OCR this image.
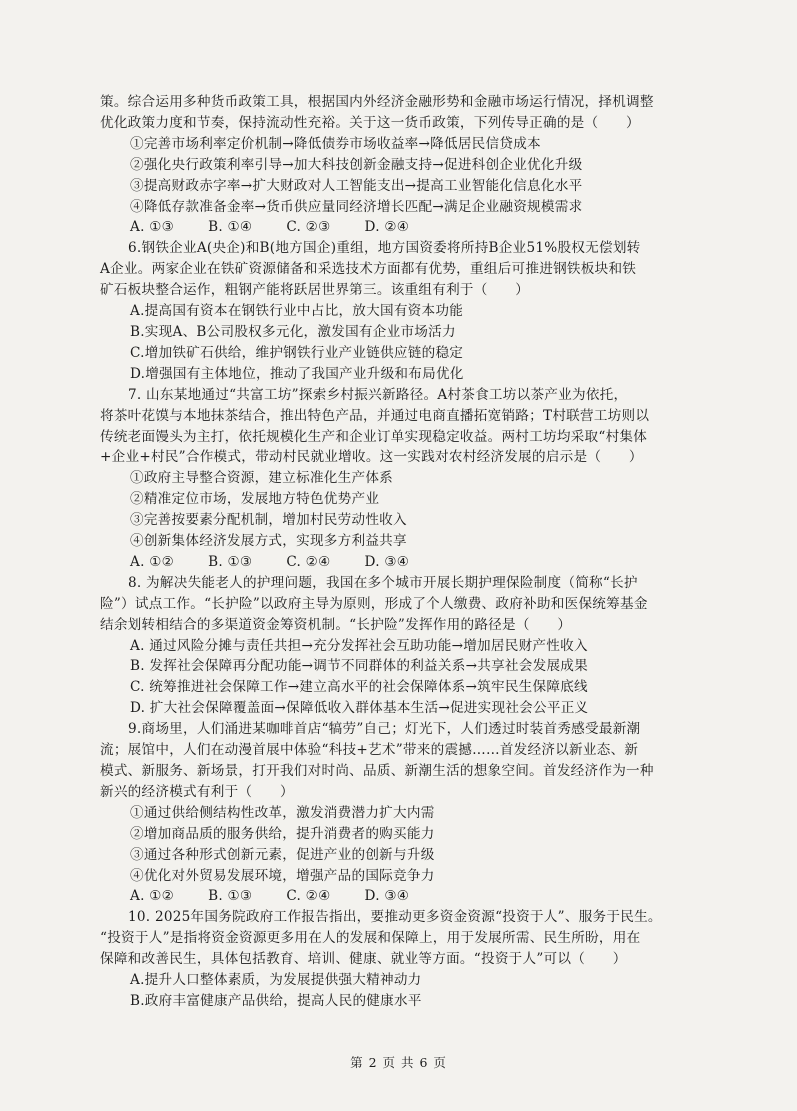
策。综合运用多种货币政策工具，根据国内外经济金融形势和金融市场运行情况，择机调整
优化政策力度和节奏，保持流动性充裕。关于这一货币政策，下列传导正确的是（　　）
①完善市场利率定价机制→降低债券市场收益率→降低居民信贷成本
②强化央行政策利率引导→加大科技创新金融支持→促进科创企业优化升级
③提高财政赤字率→扩大财政对人工智能支出→提高工业智能化信息化水平
④降低存款准备金率→货币供应量同经济增长匹配→满足企业融资规模需求
A. ①③	B. ①④	C. ②③	D. ②④
6.钢铁企业A(央企)和B(地方国企)重组，地方国资委将所持B企业51%股权无偿划转
A企业。两家企业在铁矿资源储备和采选技术方面都有优势，重组后可推进钢铁板块和铁
矿石板块整合运作，粗钢产能将跃居世界第三。该重组有利于（　　）
A.提高国有资本在钢铁行业中占比，放大国有资本功能
B.实现A、B公司股权多元化，激发国有企业市场活力
C.增加铁矿石供给，维护钢铁行业产业链供应链的稳定
D.增强国有主体地位，推动了我国产业升级和布局优化
7. 山东某地通过“共富工坊”探索乡村振兴新路径。A村茶食工坊以茶产业为依托，
将茶叶花馍与本地抹茶结合，推出特色产品，并通过电商直播拓宽销路；T村联营工坊则以
传统老面馒头为主打，依托规模化生产和企业订单实现稳定收益。两村工坊均采取“村集体
+企业+村民”合作模式，带动村民就业增收。这一实践对农村经济发展的启示是（　　）
①政府主导整合资源，建立标准化生产体系
②精准定位市场，发展地方特色优势产业
③完善按要素分配机制，增加村民劳动性收入
④创新集体经济发展方式，实现多方利益共享
A. ①②	B. ①③	C. ②④	D. ③④
8. 为解决失能老人的护理问题，我国在多个城市开展长期护理保险制度（简称“长护
险”）试点工作。“长护险”以政府主导为原则，形成了个人缴费、政府补助和医保统筹基金
结余划转相结合的多渠道资金筹资机制。“长护险”发挥作用的路径是（　　）
A. 通过风险分摊与责任共担→充分发挥社会互助功能→增加居民财产性收入
B. 发挥社会保障再分配功能→调节不同群体的利益关系→共享社会发展成果
C. 统筹推进社会保障工作→建立高水平的社会保障体系→筑牢民生保障底线
D. 扩大社会保障覆盖面→保障低收入群体基本生活→促进实现社会公平正义
9.商场里，人们涌进某咖啡首店“犒劳”自己；灯光下，人们透过时装首秀感受最新潮
流；展馆中，人们在动漫首展中体验“科技+艺术”带来的震撼……首发经济以新业态、新
模式、新服务、新场景，打开我们对时尚、品质、新潮生活的想象空间。首发经济作为一种
新兴的经济模式有利于（　　）
①通过供给侧结构性改革，激发消费潜力扩大内需
②增加商品质的服务供给，提升消费者的购买能力
③通过各种形式创新元素，促进产业的创新与升级
④优化对外贸易发展环境，增强产品的国际竞争力
A. ①②	B. ①③	C. ②④	D. ③④
10. 2025年国务院政府工作报告指出，要推动更多资金资源“投资于人”、服务于民生。
“投资于人”是指将资金资源更多用在人的发展和保障上，用于发展所需、民生所盼，用在
保障和改善民生，具体包括教育、培训、健康、就业等方面。“投资于人”可以（　　）
A.提升人口整体素质，为发展提供强大精神动力
B.政府丰富健康产品供给，提高人民的健康水平
第 2 页 共 6 页
